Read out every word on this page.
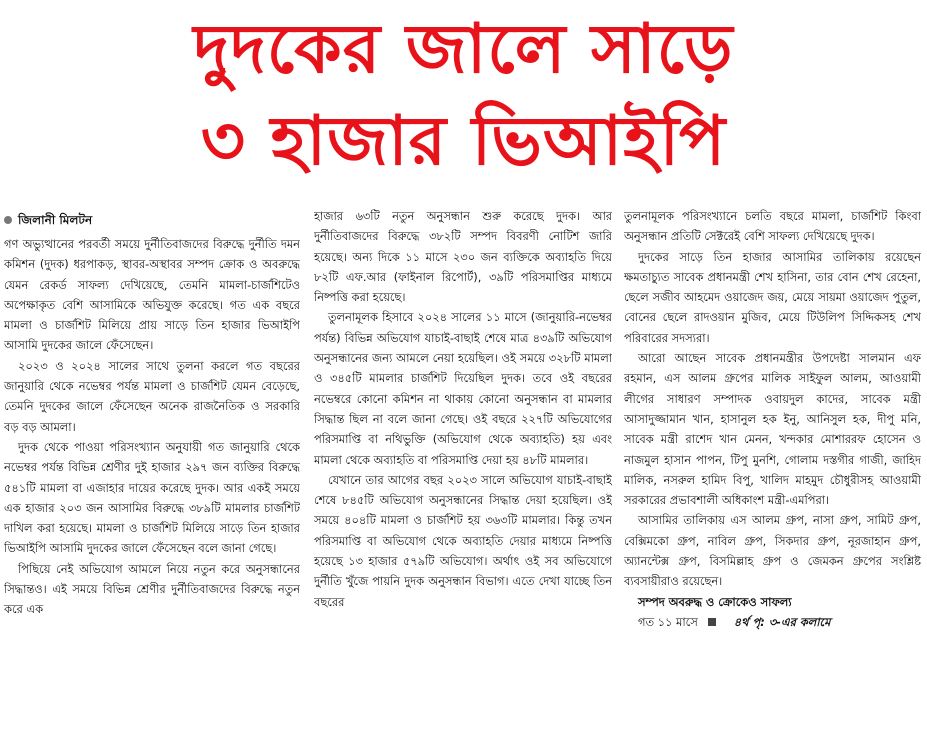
দুদকের জালে সাড়ে
৩ হাজার ভিআইপি
জিলানী মিলটন

গণ অভ্যুত্থানের পরবর্তী সময়ে দুর্নীতিবাজদের বিরুদ্ধে দুর্নীতি দমন কমিশন (দুদক) ধরপাকড়, স্থাবর-অস্থাবর সম্পদ ক্রোক ও অবরুদ্ধে যেমন রেকর্ড সাফল্য দেখিয়েছে, তেমনি মামলা-চার্জশিটেও অপেক্ষাকৃত বেশি আসামিকে অভিযুক্ত করেছে। গত এক বছরে মামলা ও চার্জশিট মিলিয়ে প্রায় সাড়ে তিন হাজার ভিআইপি আসামি দুদকের জালে ফেঁসেছেন।

২০২৩ ও ২০২৪ সালের সাথে তুলনা করলে গত বছরের জানুয়ারি থেকে নভেম্বর পর্যন্ত মামলা ও চার্জশিট যেমন বেড়েছে, তেমনি দুদকের জালে ফেঁসেছেন অনেক রাজনৈতিক ও সরকারি বড় বড় আমলা।

দুদক থেকে পাওয়া পরিসংখ্যান অনুযায়ী গত জানুয়ারি থেকে নভেম্বর পর্যন্ত বিভিন্ন শ্রেণীর দুই হাজার ২৯৭ জন ব্যক্তির বিরুদ্ধে ৫৪১টি মামলা বা এজাহার দায়ের করেছে দুদক। আর একই সময়ে এক হাজার ২০৩ জন আসামির বিরুদ্ধে ৩৮৯টি মামলার চার্জশিট দাখিল করা হয়েছে। মামলা ও চার্জশিট মিলিয়ে সাড়ে তিন হাজার ভিআইপি আসামি দুদকের জালে ফেঁসেছেন বলে জানা গেছে।

পিছিয়ে নেই অভিযোগ আমলে নিয়ে নতুন করে অনুসন্ধানের সিদ্ধান্তও। এই সময়ে বিভিন্ন শ্রেণীর দুর্নীতিবাজদের বিরুদ্ধে নতুন করে এক

হাজার ৬৩টি নতুন অনুসন্ধান শুরু করেছে দুদক। আর দুর্নীতিবাজদের বিরুদ্ধে ৩৮২টি সম্পদ বিবরণী নোটিশ জারি হয়েছে। অন্য দিকে ১১ মাসে ২৩০ জন ব্যক্তিকে অব্যাহতি দিয়ে ৮২টি এফ.আর (ফাইনাল রিপোর্ট), ৩৯টি পরিসমাপ্তির মাধ্যমে নিষ্পত্তি করা হয়েছে।

তুলনামূলক হিসাবে ২০২৪ সালের ১১ মাসে (জানুয়ারি-নভেম্বর পর্যন্ত) বিভিন্ন অভিযোগ যাচাই-বাছাই শেষে মাত্র ৪৩৯টি অভিযোগ অনুসন্ধানের জন্য আমলে নেয়া হয়েছিল। ওই সময়ে ৩২৮টি মামলা ও ৩৪৫টি মামলার চার্জশিট দিয়েছিল দুদক। তবে ওই বছরের নভেম্বরে কোনো কমিশন না থাকায় কোনো অনুসন্ধান বা মামলার সিদ্ধান্ত ছিল না বলে জানা গেছে। ওই বছরে ২২৭টি অভিযোগের পরিসমাপ্তি বা নথিভুক্তি (অভিযোগ থেকে অব্যাহতি) হয় এবং মামলা থেকে অব্যাহতি বা পরিসমাপ্তি দেয়া হয় ৪৮টি মামলার।

যেখানে তার আগের বছর ২০২৩ সালে অভিযোগ যাচাই-বাছাই শেষে ৮৪৫টি অভিযোগ অনুসন্ধানের সিদ্ধান্ত দেয়া হয়েছিল। ওই সময়ে ৪০৪টি মামলা ও চার্জশিট হয় ৩৬৩টি মামলার। কিন্তু তখন পরিসমাপ্তি বা অভিযোগ থেকে অব্যাহতি দেয়ার মাধ্যমে নিষ্পত্তি হয়েছে ১৩ হাজার ৫৭৯টি অভিযোগ। অর্থাৎ ওই সব অভিযোগে দুর্নীতি খুঁজে পায়নি দুদক অনুসন্ধান বিভাগ। এতে দেখা যাচ্ছে তিন বছরের

তুলনামূলক পরিসংখ্যানে চলতি বছরে মামলা, চার্জশিট কিংবা অনুসন্ধান প্রতিটি সেক্টরেই বেশি সাফল্য দেখিয়েছে দুদক।

দুদকের সাড়ে তিন হাজার আসামির তালিকায় রয়েছেন ক্ষমতাচ্যুত সাবেক প্রধানমন্ত্রী শেখ হাসিনা, তার বোন শেখ রেহেনা, ছেলে সজীব আহমেদ ওয়াজেদ জয়, মেয়ে সায়মা ওয়াজেদ পুতুল, বোনের ছেলে রাদওয়ান মুজিব, মেয়ে টিউলিপ সিদ্দিকসহ শেখ পরিবারের সদস্যরা।

আরো আছেন সাবেক প্রধানমন্ত্রীর উপদেষ্টা সালমান এফ রহমান, এস আলম গ্রুপের মালিক সাইফুল আলম, আওয়ামী লীগের সাধারণ সম্পাদক ওবায়দুল কাদের, সাবেক মন্ত্রী আসাদুজ্জামান খান, হাসানুল হক ইনু, আনিসুল হক, দীপু মনি, সাবেক মন্ত্রী রাশেদ খান মেনন, খন্দকার মোশাররফ হোসেন ও নাজমুল হাসান পাপন, টিপু মুনশি, গোলাম দস্তগীর গাজী, জাহিদ মালিক, নসরুল হামিদ বিপু, খালিদ মাহমুদ চৌধুরীসহ আওয়ামী সরকারের প্রভাবশালী অধিকাংশ মন্ত্রী-এমপিরা।

আসামির তালিকায় এস আলম গ্রুপ, নাসা গ্রুপ, সামিট গ্রুপ, বেক্সিমকো গ্রুপ, নাবিল গ্রুপ, সিকদার গ্রুপ, নূরজাহান গ্রুপ, অ্যানন্টেক্স গ্রুপ, বিসমিল্লাহ গ্রুপ ও জেমকন গ্রুপের সংশ্লিষ্ট ব্যবসায়ীরাও রয়েছেন।

সম্পদ অবরুদ্ধ ও ক্রোকেও সাফল্য

গত ১১ মাসে	৪র্থ পৃ: ৩-এর কলামে
